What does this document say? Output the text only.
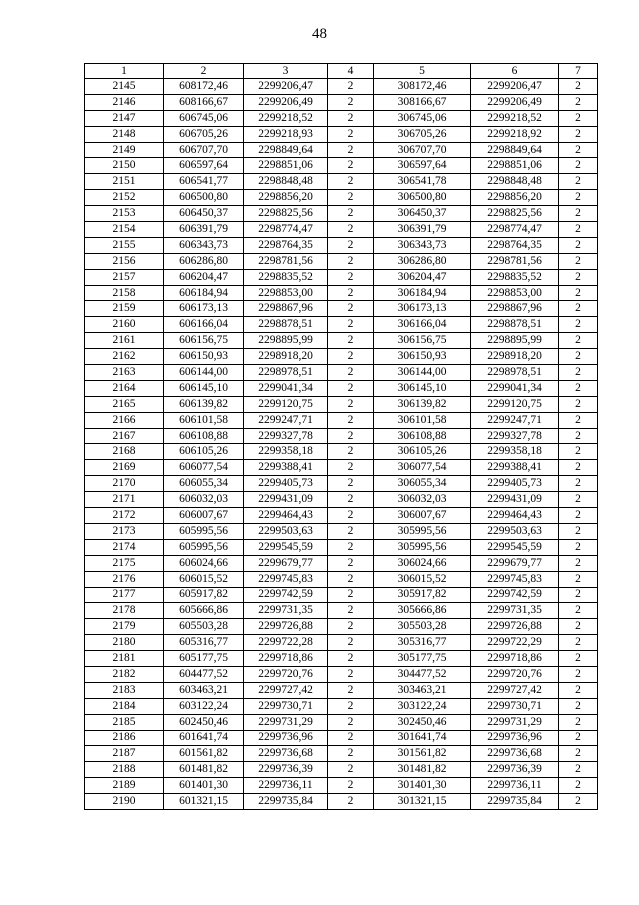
48
1	2	3	4	5	6	7
2145	608172,46	2299206,47	2	308172,46	2299206,47	2
2146	608166,67	2299206,49	2	308166,67	2299206,49	2
2147	606745,06	2299218,52	2	306745,06	2299218,52	2
2148	606705,26	2299218,93	2	306705,26	2299218,92	2
2149	606707,70	2298849,64	2	306707,70	2298849,64	2
2150	606597,64	2298851,06	2	306597,64	2298851,06	2
2151	606541,77	2298848,48	2	306541,78	2298848,48	2
2152	606500,80	2298856,20	2	306500,80	2298856,20	2
2153	606450,37	2298825,56	2	306450,37	2298825,56	2
2154	606391,79	2298774,47	2	306391,79	2298774,47	2
2155	606343,73	2298764,35	2	306343,73	2298764,35	2
2156	606286,80	2298781,56	2	306286,80	2298781,56	2
2157	606204,47	2298835,52	2	306204,47	2298835,52	2
2158	606184,94	2298853,00	2	306184,94	2298853,00	2
2159	606173,13	2298867,96	2	306173,13	2298867,96	2
2160	606166,04	2298878,51	2	306166,04	2298878,51	2
2161	606156,75	2298895,99	2	306156,75	2298895,99	2
2162	606150,93	2298918,20	2	306150,93	2298918,20	2
2163	606144,00	2298978,51	2	306144,00	2298978,51	2
2164	606145,10	2299041,34	2	306145,10	2299041,34	2
2165	606139,82	2299120,75	2	306139,82	2299120,75	2
2166	606101,58	2299247,71	2	306101,58	2299247,71	2
2167	606108,88	2299327,78	2	306108,88	2299327,78	2
2168	606105,26	2299358,18	2	306105,26	2299358,18	2
2169	606077,54	2299388,41	2	306077,54	2299388,41	2
2170	606055,34	2299405,73	2	306055,34	2299405,73	2
2171	606032,03	2299431,09	2	306032,03	2299431,09	2
2172	606007,67	2299464,43	2	306007,67	2299464,43	2
2173	605995,56	2299503,63	2	305995,56	2299503,63	2
2174	605995,56	2299545,59	2	305995,56	2299545,59	2
2175	606024,66	2299679,77	2	306024,66	2299679,77	2
2176	606015,52	2299745,83	2	306015,52	2299745,83	2
2177	605917,82	2299742,59	2	305917,82	2299742,59	2
2178	605666,86	2299731,35	2	305666,86	2299731,35	2
2179	605503,28	2299726,88	2	305503,28	2299726,88	2
2180	605316,77	2299722,28	2	305316,77	2299722,29	2
2181	605177,75	2299718,86	2	305177,75	2299718,86	2
2182	604477,52	2299720,76	2	304477,52	2299720,76	2
2183	603463,21	2299727,42	2	303463,21	2299727,42	2
2184	603122,24	2299730,71	2	303122,24	2299730,71	2
2185	602450,46	2299731,29	2	302450,46	2299731,29	2
2186	601641,74	2299736,96	2	301641,74	2299736,96	2
2187	601561,82	2299736,68	2	301561,82	2299736,68	2
2188	601481,82	2299736,39	2	301481,82	2299736,39	2
2189	601401,30	2299736,11	2	301401,30	2299736,11	2
2190	601321,15	2299735,84	2	301321,15	2299735,84	2
